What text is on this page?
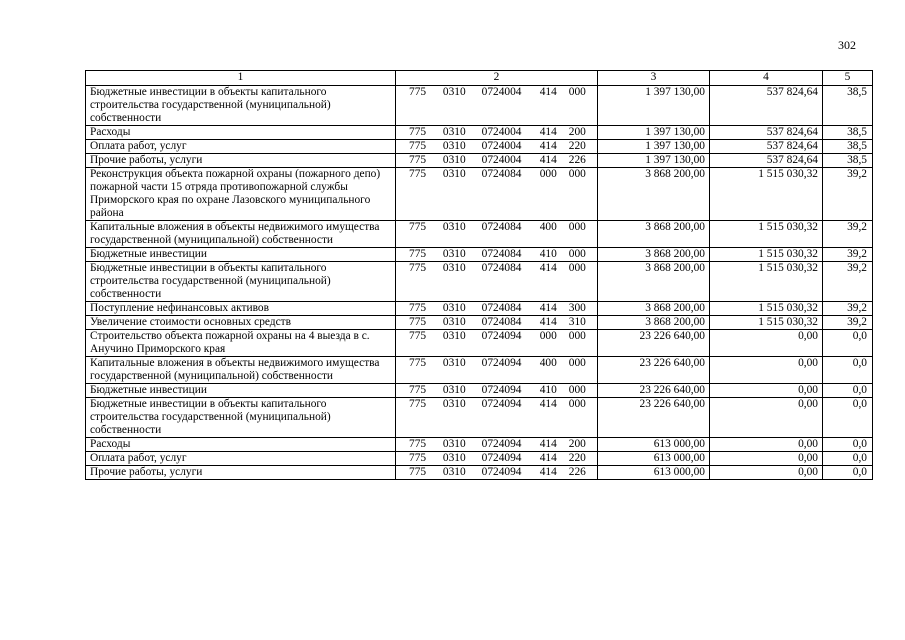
302
1	2	3	4	5
Бюджетные инвестиции в объекты капитального строительства государственной (муниципальной) собственности	775 0310 0724004 414 000	1 397 130,00	537 824,64	38,5
Расходы	775 0310 0724004 414 200	1 397 130,00	537 824,64	38,5
Оплата работ, услуг	775 0310 0724004 414 220	1 397 130,00	537 824,64	38,5
Прочие работы, услуги	775 0310 0724004 414 226	1 397 130,00	537 824,64	38,5
Реконструкция объекта пожарной охраны (пожарного депо) пожарной части 15 отряда противопожарной службы Приморского края по охране Лазовского муниципального района	775 0310 0724084 000 000	3 868 200,00	1 515 030,32	39,2
Капитальные вложения в объекты недвижимого имущества государственной (муниципальной) собственности	775 0310 0724084 400 000	3 868 200,00	1 515 030,32	39,2
Бюджетные инвестиции	775 0310 0724084 410 000	3 868 200,00	1 515 030,32	39,2
Бюджетные инвестиции в объекты капитального строительства государственной (муниципальной) собственности	775 0310 0724084 414 000	3 868 200,00	1 515 030,32	39,2
Поступление нефинансовых активов	775 0310 0724084 414 300	3 868 200,00	1 515 030,32	39,2
Увеличение стоимости основных средств	775 0310 0724084 414 310	3 868 200,00	1 515 030,32	39,2
Строительство объекта пожарной охраны на 4 выезда в с. Анучино Приморского края	775 0310 0724094 000 000	23 226 640,00	0,00	0,0
Капитальные вложения в объекты недвижимого имущества государственной (муниципальной) собственности	775 0310 0724094 400 000	23 226 640,00	0,00	0,0
Бюджетные инвестиции	775 0310 0724094 410 000	23 226 640,00	0,00	0,0
Бюджетные инвестиции в объекты капитального строительства государственной (муниципальной) собственности	775 0310 0724094 414 000	23 226 640,00	0,00	0,0
Расходы	775 0310 0724094 414 200	613 000,00	0,00	0,0
Оплата работ, услуг	775 0310 0724094 414 220	613 000,00	0,00	0,0
Прочие работы, услуги	775 0310 0724094 414 226	613 000,00	0,00	0,0
